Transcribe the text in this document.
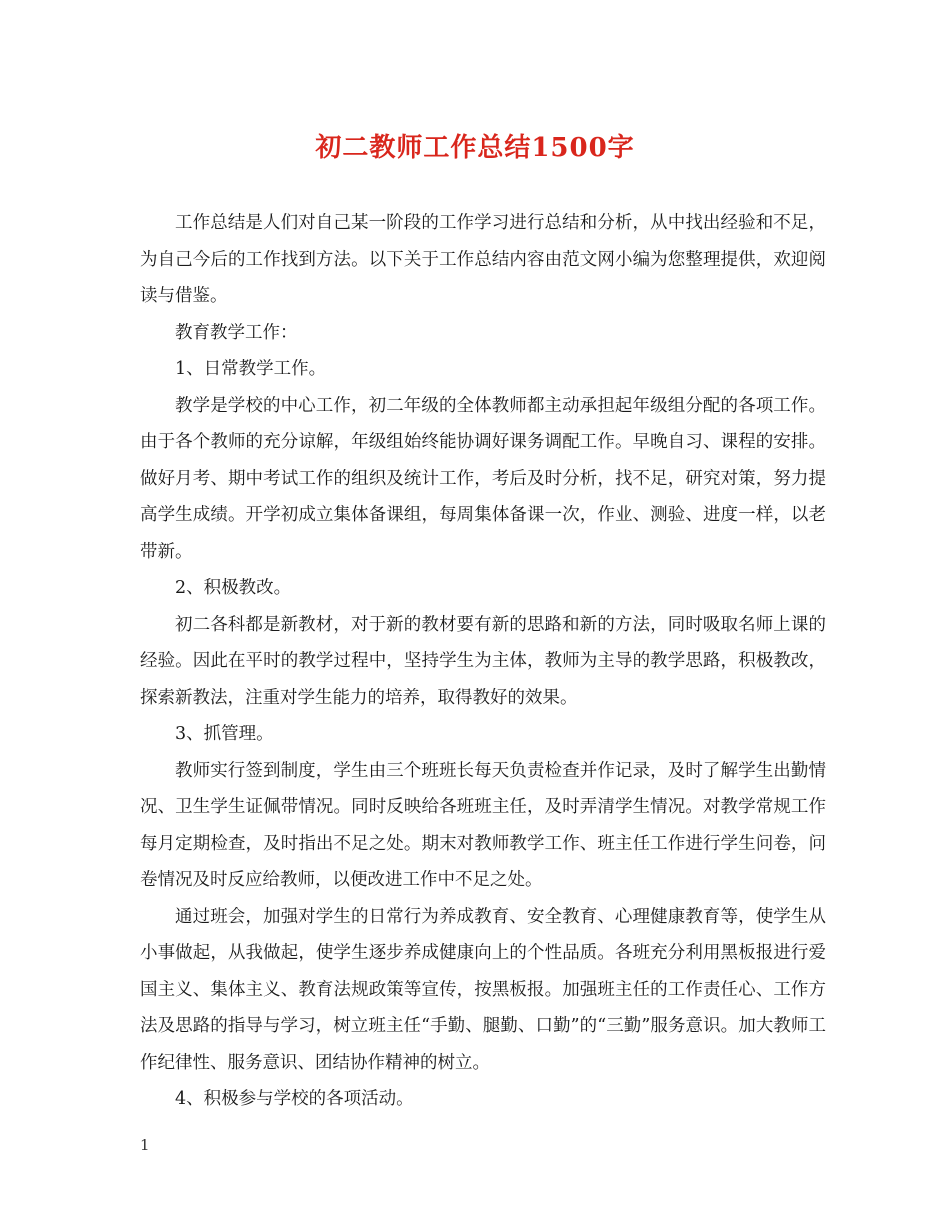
初二教师工作总结1500字

工作总结是人们对自己某一阶段的工作学习进行总结和分析，从中找出经验和不足，为自己今后的工作找到方法。以下关于工作总结内容由范文网小编为您整理提供，欢迎阅读与借鉴。

教育教学工作：

1、日常教学工作。

教学是学校的中心工作，初二年级的全体教师都主动承担起年级组分配的各项工作。由于各个教师的充分谅解，年级组始终能协调好课务调配工作。早晚自习、课程的安排。做好月考、期中考试工作的组织及统计工作，考后及时分析，找不足，研究对策，努力提高学生成绩。开学初成立集体备课组，每周集体备课一次，作业、测验、进度一样，以老带新。

2、积极教改。

初二各科都是新教材，对于新的教材要有新的思路和新的方法，同时吸取名师上课的经验。因此在平时的教学过程中，坚持学生为主体，教师为主导的教学思路，积极教改，探索新教法，注重对学生能力的培养，取得教好的效果。

3、抓管理。

教师实行签到制度，学生由三个班班长每天负责检查并作记录，及时了解学生出勤情况、卫生学生证佩带情况。同时反映给各班班主任，及时弄清学生情况。对教学常规工作每月定期检查，及时指出不足之处。期末对教师教学工作、班主任工作进行学生问卷，问卷情况及时反应给教师，以便改进工作中不足之处。

通过班会，加强对学生的日常行为养成教育、安全教育、心理健康教育等，使学生从小事做起，从我做起，使学生逐步养成健康向上的个性品质。各班充分利用黑板报进行爱国主义、集体主义、教育法规政策等宣传，按黑板报。加强班主任的工作责任心、工作方法及思路的指导与学习，树立班主任“手勤、腿勤、口勤”的“三勤”服务意识。加大教师工作纪律性、服务意识、团结协作精神的树立。

4、积极参与学校的各项活动。

1
